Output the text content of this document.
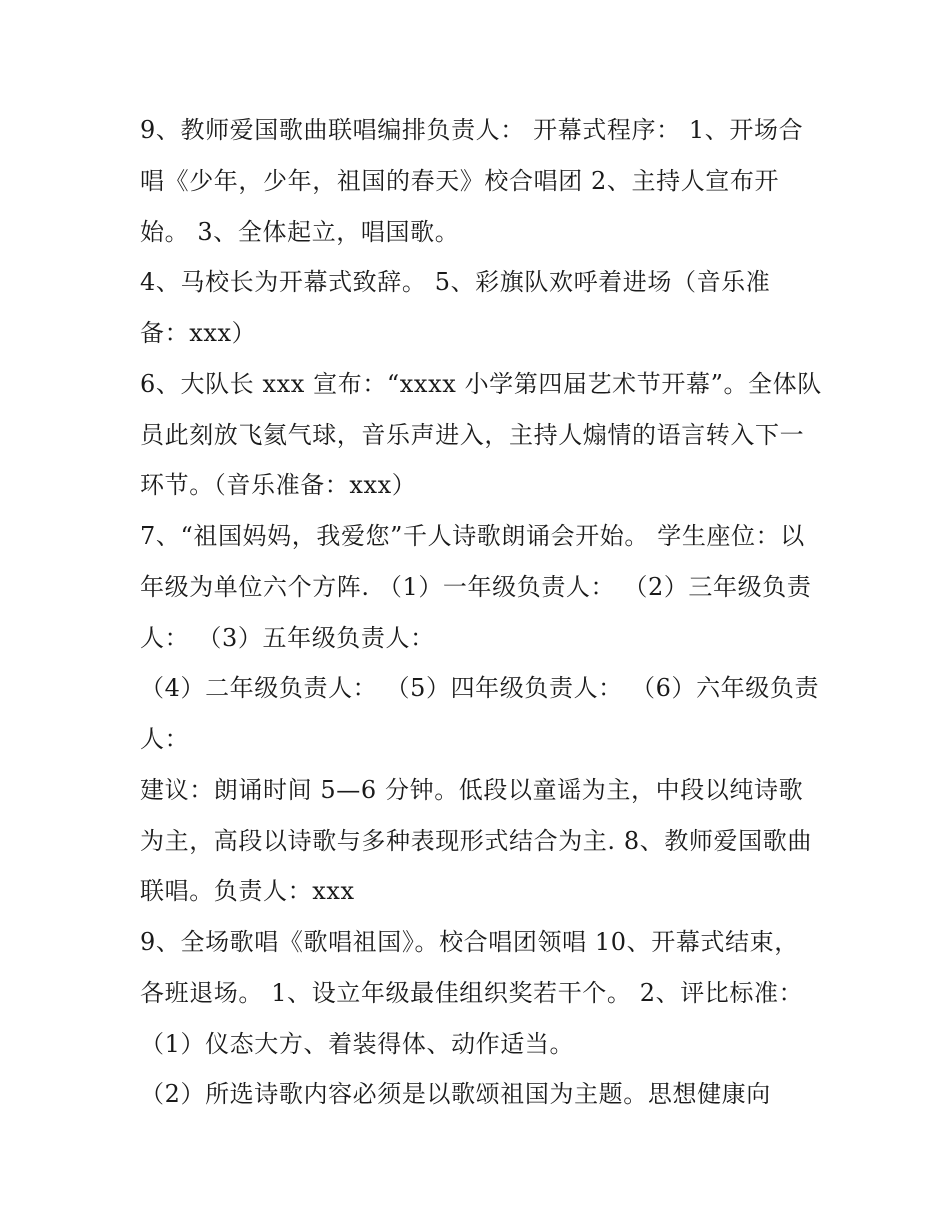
9、教师爱国歌曲联唱编排负责人： 开幕式程序： 1、开场合
唱《少年，少年，祖国的春天》校合唱团 2、主持人宣布开
始。 3、全体起立，唱国歌。
4、马校长为开幕式致辞。 5、彩旗队欢呼着进场（音乐准
备：xxx）
6、大队长 xxx 宣布：“xxxx 小学第四届艺术节开幕”。全体队
员此刻放飞氦气球，音乐声进入，主持人煽情的语言转入下一
环节。（音乐准备：xxx）
7、“祖国妈妈，我爱您”千人诗歌朗诵会开始。 学生座位：以
年级为单位六个方阵. （1）一年级负责人： （2）三年级负责
人： （3）五年级负责人：
（4）二年级负责人： （5）四年级负责人： （6）六年级负责
人：
建议：朗诵时间 5—6 分钟。低段以童谣为主，中段以纯诗歌
为主，高段以诗歌与多种表现形式结合为主. 8、教师爱国歌曲
联唱。负责人：xxx
9、全场歌唱《歌唱祖国》。校合唱团领唱 10、开幕式结束，
各班退场。 1、设立年级最佳组织奖若干个。 2、评比标准：
（1）仪态大方、着装得体、动作适当。
（2）所选诗歌内容必须是以歌颂祖国为主题。思想健康向
